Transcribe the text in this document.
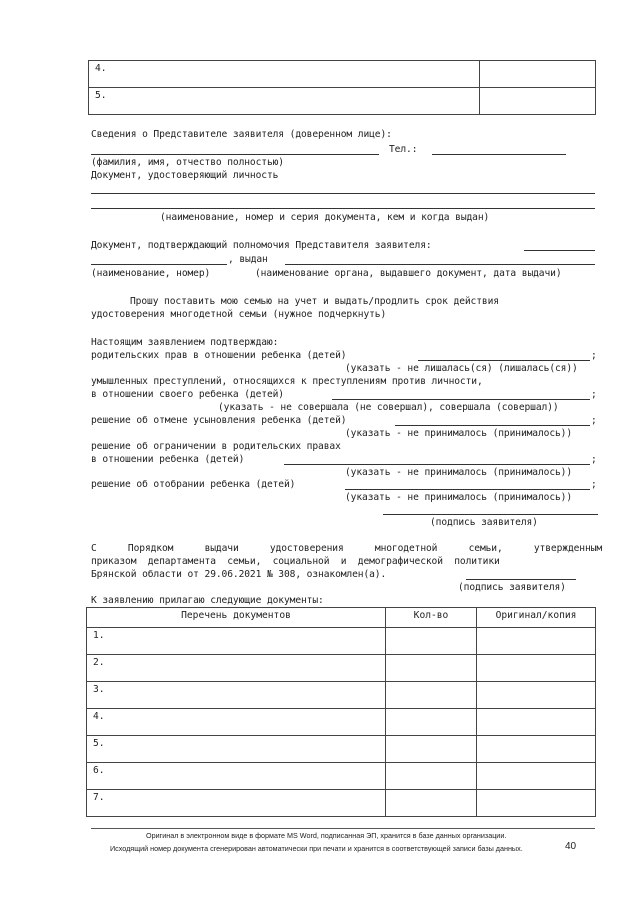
4.	
5.	
Сведения о Представителе заявителя (доверенном лице):
Тел.:
(фамилия, имя, отчество полностью)
Документ, удостоверяющий личность
(наименование, номер и серия документа, кем и когда выдан)
Документ, подтверждающий полномочия Представителя заявителя:
, выдан
(наименование, номер)	(наименование органа, выдавшего документ, дата выдачи)
Прошу поставить мою семью на учет и выдать/продлить срок действия
удостоверения многодетной семьи (нужное подчеркнуть)
Настоящим заявлением подтверждаю:
родительских прав в отношении ребенка (детей)	;
(указать - не лишалась(ся) (лишалась(ся))
умышленных преступлений, относящихся к преступлениям против личности,
в отношении своего ребенка (детей)	;
(указать - не совершала (не совершал), совершала (совершал))
решение об отмене усыновления ребенка (детей)	;
(указать - не принималось (принималось))
решение об ограничении в родительских правах
в отношении ребенка (детей)	;
(указать - не принималось (принималось))
решение об отобрании ребенка (детей)	;
(указать - не принималось (принималось))
(подпись заявителя)
С  Порядком  выдачи  удостоверения  многодетной  семьи,  утвержденным
приказом  департамента  семьи,  социальной  и  демографической  политики
Брянской области от 29.06.2021 № 308, ознакомлен(а).
(подпись заявителя)
К заявлению прилагаю следующие документы:
Перечень документов	Кол-во	Оригинал/копия
1.		
2.		
3.		
4.		
5.		
6.		
7.		
Оригинал в электронном виде в формате MS Word, подписанная ЭП, хранится в базе данных организации.
Исходящий номер документа сгенерирован автоматически при печати и хранится в соответствующей записи базы данных.	40
